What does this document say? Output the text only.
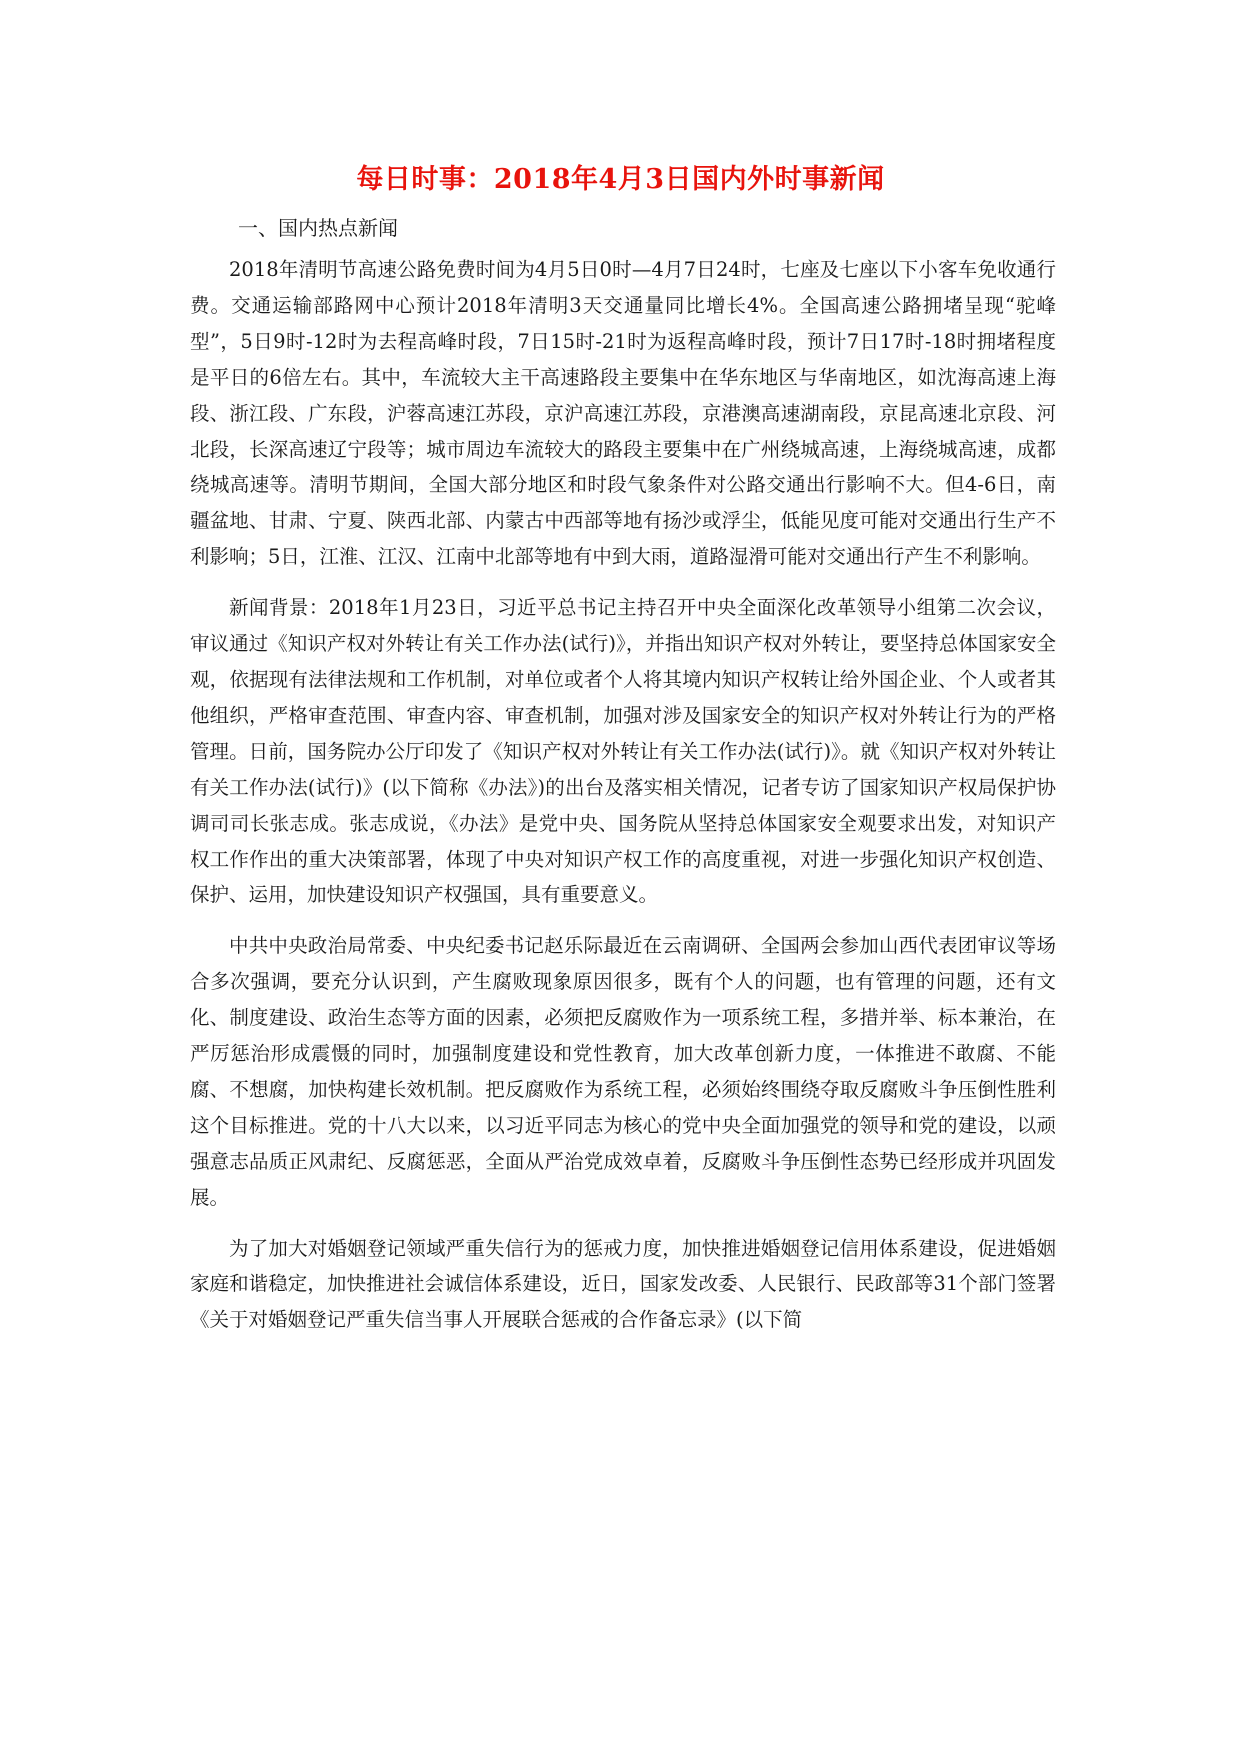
每日时事：2018年4月3日国内外时事新闻
一、国内热点新闻

2018年清明节高速公路免费时间为4月5日0时—4月7日24时，七座及七座以下小客车免收通行费。交通运输部路网中心预计2018年清明3天交通量同比增长4%。全国高速公路拥堵呈现“驼峰型”，5日9时-12时为去程高峰时段，7日15时-21时为返程高峰时段，预计7日17时-18时拥堵程度是平日的6倍左右。其中，车流较大主干高速路段主要集中在华东地区与华南地区，如沈海高速上海段、浙江段、广东段，沪蓉高速江苏段，京沪高速江苏段，京港澳高速湖南段，京昆高速北京段、河北段，长深高速辽宁段等；城市周边车流较大的路段主要集中在广州绕城高速，上海绕城高速，成都绕城高速等。清明节期间，全国大部分地区和时段气象条件对公路交通出行影响不大。但4-6日，南疆盆地、甘肃、宁夏、陕西北部、内蒙古中西部等地有扬沙或浮尘，低能见度可能对交通出行生产不利影响；5日，江淮、江汉、江南中北部等地有中到大雨，道路湿滑可能对交通出行产生不利影响。

新闻背景：2018年1月23日，习近平总书记主持召开中央全面深化改革领导小组第二次会议，审议通过《知识产权对外转让有关工作办法(试行)》，并指出知识产权对外转让，要坚持总体国家安全观，依据现有法律法规和工作机制，对单位或者个人将其境内知识产权转让给外国企业、个人或者其他组织，严格审查范围、审查内容、审查机制，加强对涉及国家安全的知识产权对外转让行为的严格管理。日前，国务院办公厅印发了《知识产权对外转让有关工作办法(试行)》。就《知识产权对外转让有关工作办法(试行)》(以下简称《办法》)的出台及落实相关情况，记者专访了国家知识产权局保护协调司司长张志成。张志成说，《办法》是党中央、国务院从坚持总体国家安全观要求出发，对知识产权工作作出的重大决策部署，体现了中央对知识产权工作的高度重视，对进一步强化知识产权创造、保护、运用，加快建设知识产权强国，具有重要意义。

中共中央政治局常委、中央纪委书记赵乐际最近在云南调研、全国两会参加山西代表团审议等场合多次强调，要充分认识到，产生腐败现象原因很多，既有个人的问题，也有管理的问题，还有文化、制度建设、政治生态等方面的因素，必须把反腐败作为一项系统工程，多措并举、标本兼治，在严厉惩治形成震慑的同时，加强制度建设和党性教育，加大改革创新力度，一体推进不敢腐、不能腐、不想腐，加快构建长效机制。把反腐败作为系统工程，必须始终围绕夺取反腐败斗争压倒性胜利这个目标推进。党的十八大以来，以习近平同志为核心的党中央全面加强党的领导和党的建设，以顽强意志品质正风肃纪、反腐惩恶，全面从严治党成效卓着，反腐败斗争压倒性态势已经形成并巩固发展。

为了加大对婚姻登记领域严重失信行为的惩戒力度，加快推进婚姻登记信用体系建设，促进婚姻家庭和谐稳定，加快推进社会诚信体系建设，近日，国家发改委、人民银行、民政部等31个部门签署《关于对婚姻登记严重失信当事人开展联合惩戒的合作备忘录》(以下简
